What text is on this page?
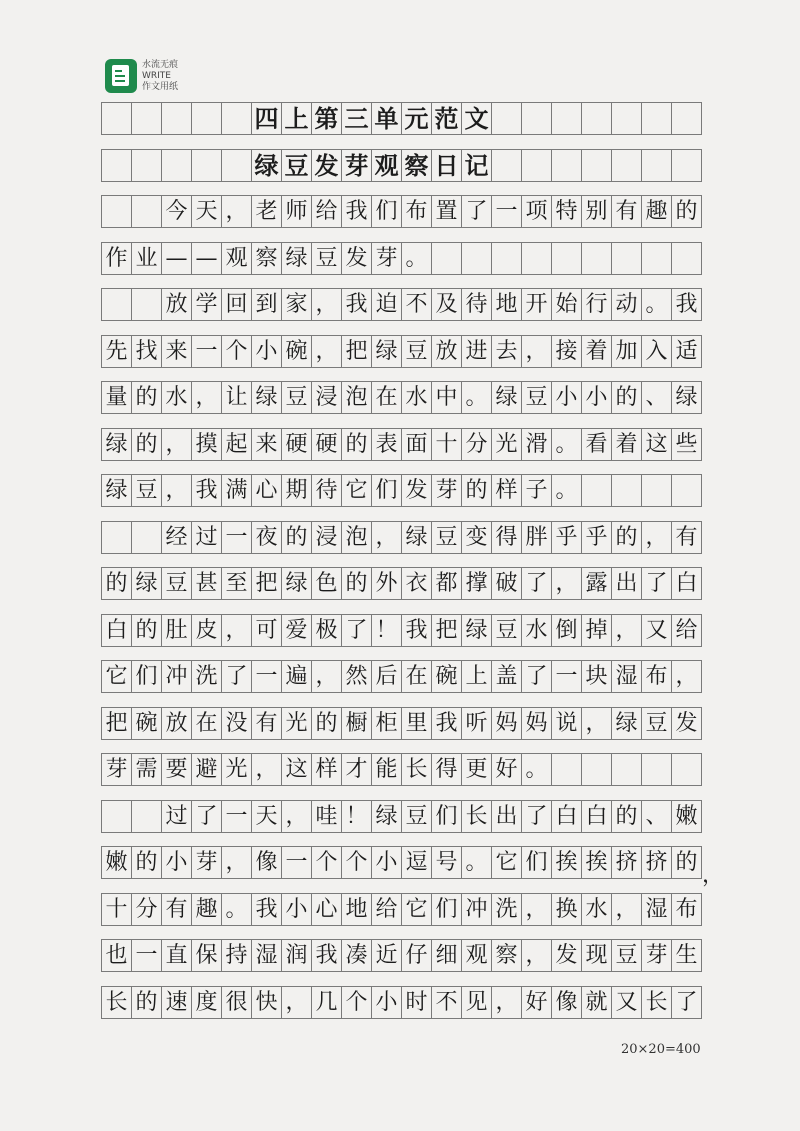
水流无痕
WRITE
作文用纸
四 上 第 三 单 元 范 文
绿 豆 发 芽 观 察 日 记
今 天 ， 老 师 给 我 们 布 置 了 一 项 特 别 有 趣 的
作 业 — — 观 察 绿 豆 发 芽 。
放 学 回 到 家 ， 我 迫 不 及 待 地 开 始 行 动 。 我
先 找 来 一 个 小 碗 ， 把 绿 豆 放 进 去 ， 接 着 加 入 适
量 的 水 ， 让 绿 豆 浸 泡 在 水 中 。 绿 豆 小 小 的 、 绿
绿 的 ， 摸 起 来 硬 硬 的 表 面 十 分 光 滑 。 看 着 这 些
绿 豆 ， 我 满 心 期 待 它 们 发 芽 的 样 子 。
经 过 一 夜 的 浸 泡 ， 绿 豆 变 得 胖 乎 乎 的 ， 有
的 绿 豆 甚 至 把 绿 色 的 外 衣 都 撑 破 了 ， 露 出 了 白
白 的 肚 皮 ， 可 爱 极 了 ！ 我 把 绿 豆 水 倒 掉 ， 又 给
它 们 冲 洗 了 一 遍 ， 然 后 在 碗 上 盖 了 一 块 湿 布 ，
把 碗 放 在 没 有 光 的 橱 柜 里 我 听 妈 妈 说 ， 绿 豆 发
芽 需 要 避 光 ， 这 样 才 能 长 得 更 好 。
过 了 一 天 ， 哇 ！ 绿 豆 们 长 出 了 白 白 的 、 嫩
嫩 的 小 芽 ， 像 一 个 个 小 逗 号 。 它 们 挨 挨 挤 挤 的
十 分 有 趣 。 我 小 心 地 给 它 们 冲 洗 ， 换 水 ， 湿 布
也 一 直 保 持 湿 润 我 凑 近 仔 细 观 察 ， 发 现 豆 芽 生
长 的 速 度 很 快 ， 几 个 小 时 不 见 ， 好 像 就 又 长 了
，
20×20=400
